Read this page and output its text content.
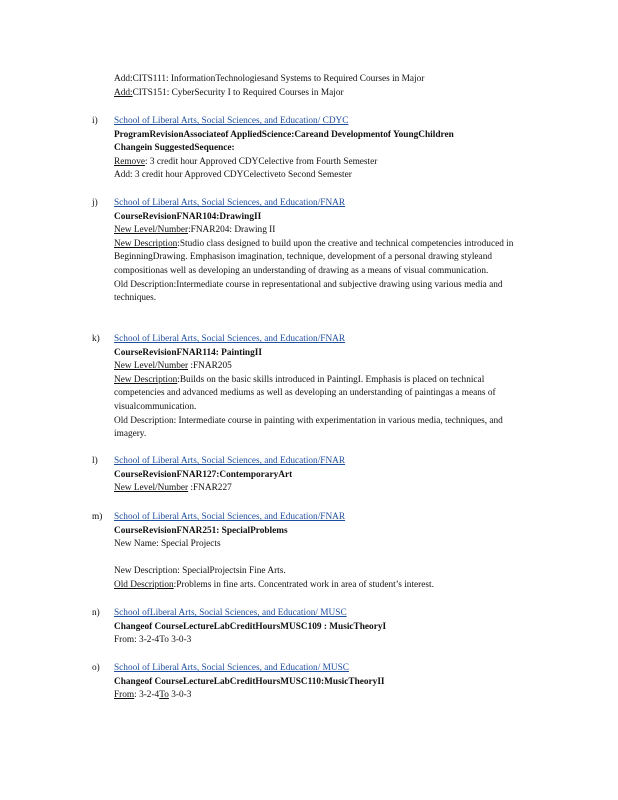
Add:CITS111: InformationTechnologiesand Systems to Required Courses in Major
Add:CITS151: CyberSecurity I to Required Courses in Major
i)	School of Liberal Arts, Social Sciences, and Education/ CDYC
ProgramRevisionAssociateof AppliedScience:Careand Developmentof YoungChildren
Changein SuggestedSequence:
Remove: 3 credit hour Approved CDYCelective from Fourth Semester
Add: 3 credit hour Approved CDYCelectiveto Second Semester
j)	School of Liberal Arts, Social Sciences, and Education/FNAR
CourseRevisionFNAR104:DrawingII
New Level/Number:FNAR204: Drawing II
New Description:Studio class designed to build upon the creative and technical competencies introduced in BeginningDrawing. Emphasison imagination, technique, development of a personal drawing styleand compositionas well as developing an understanding of drawing as a means of visual communication.
Old Description:Intermediate course in representational and subjective drawing using various media and techniques.
k)	School of Liberal Arts, Social Sciences, and Education/FNAR
CourseRevisionFNAR114: PaintingII
New Level/Number :FNAR205
New Description:Builds on the basic skills introduced in PaintingI. Emphasis is placed on technical competencies and advanced mediums as well as developing an understanding of paintingas a means of visualcommunication.
Old Description: Intermediate course in painting with experimentation in various media, techniques, and imagery.
l)	School of Liberal Arts, Social Sciences, and Education/FNAR
CourseRevisionFNAR127:ContemporaryArt
New Level/Number :FNAR227
m)	School of Liberal Arts, Social Sciences, and Education/FNAR
CourseRevisionFNAR251: SpecialProblems
New Name: Special Projects
New Description: SpecialProjectsin Fine Arts.
Old Description:Problems in fine arts. Concentrated work in area of student’s interest.
n)	School ofLiberal Arts, Social Sciences, and Education/ MUSC
Changeof CourseLectureLabCreditHoursMUSC109 : MusicTheoryI
From: 3-2-4To 3-0-3
o)	School of Liberal Arts, Social Sciences, and Education/ MUSC
Changeof CourseLectureLabCreditHoursMUSC110:MusicTheoryII
From: 3-2-4To 3-0-3
